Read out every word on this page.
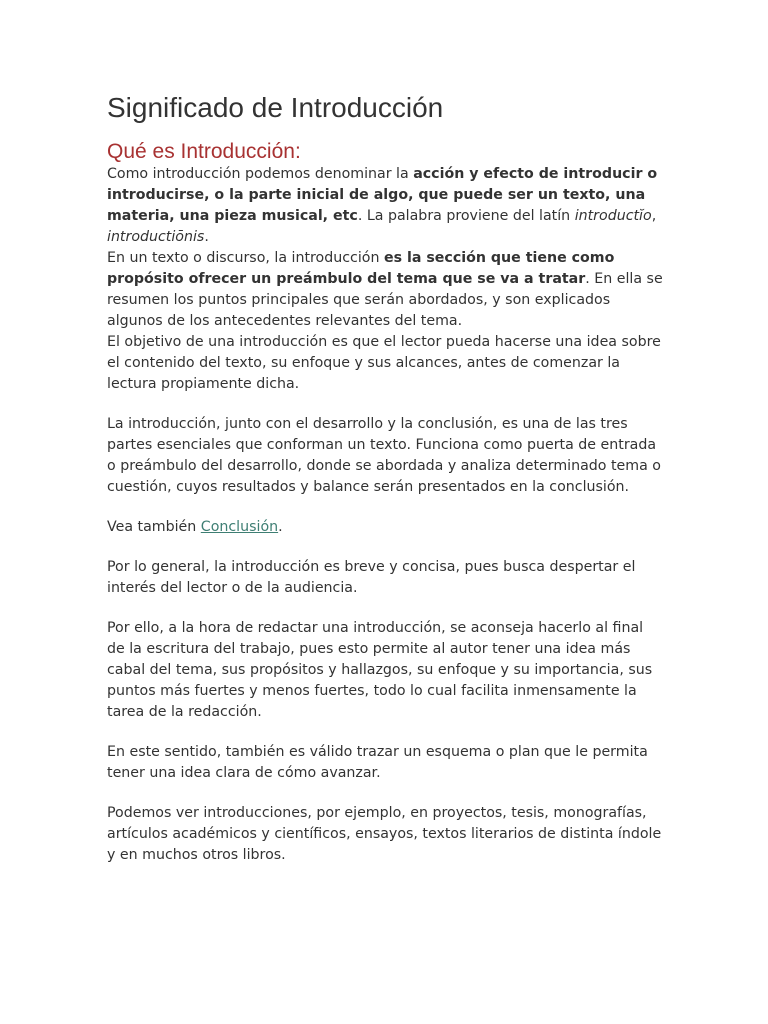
Significado de Introducción
Qué es Introducción:

Como introducción podemos denominar la acción y efecto de introducir o introducirse, o la parte inicial de algo, que puede ser un texto, una materia, una pieza musical, etc. La palabra proviene del latín introductĭo, introductiōnis.

En un texto o discurso, la introducción es la sección que tiene como propósito ofrecer un preámbulo del tema que se va a tratar. En ella se resumen los puntos principales que serán abordados, y son explicados algunos de los antecedentes relevantes del tema.

El objetivo de una introducción es que el lector pueda hacerse una idea sobre el contenido del texto, su enfoque y sus alcances, antes de comenzar la lectura propiamente dicha.

La introducción, junto con el desarrollo y la conclusión, es una de las tres partes esenciales que conforman un texto. Funciona como puerta de entrada o preámbulo del desarrollo, donde se abordada y analiza determinado tema o cuestión, cuyos resultados y balance serán presentados en la conclusión.

Vea también Conclusión.

Por lo general, la introducción es breve y concisa, pues busca despertar el interés del lector o de la audiencia.

Por ello, a la hora de redactar una introducción, se aconseja hacerlo al final de la escritura del trabajo, pues esto permite al autor tener una idea más cabal del tema, sus propósitos y hallazgos, su enfoque y su importancia, sus puntos más fuertes y menos fuertes, todo lo cual facilita inmensamente la tarea de la redacción.

En este sentido, también es válido trazar un esquema o plan que le permita tener una idea clara de cómo avanzar.

Podemos ver introducciones, por ejemplo, en proyectos, tesis, monografías, artículos académicos y científicos, ensayos, textos literarios de distinta índole y en muchos otros libros.
